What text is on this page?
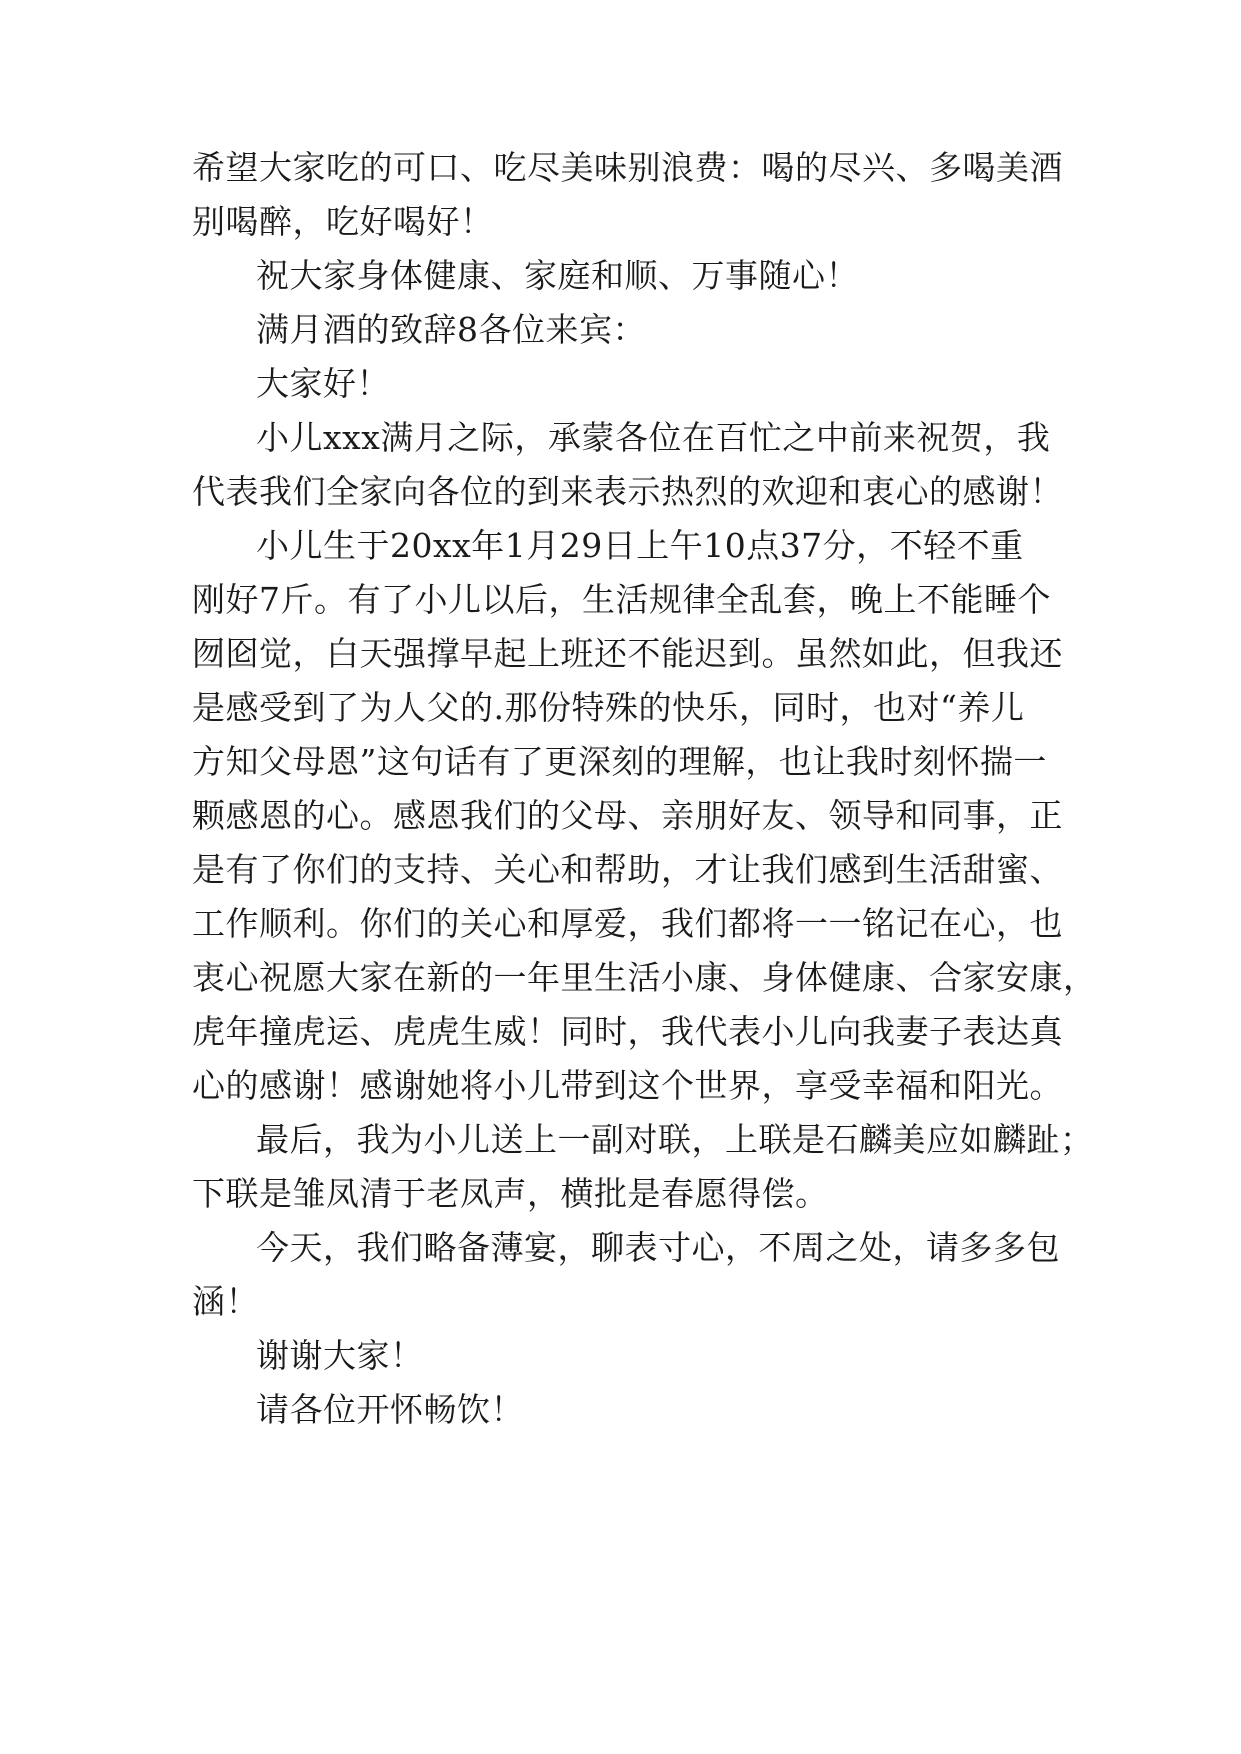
希望大家吃的可口、吃尽美味别浪费：喝的尽兴、多喝美酒
别喝醉，吃好喝好！
祝大家身体健康、家庭和顺、万事随心！
满月酒的致辞8各位来宾：
大家好！
小儿xxx满月之际，承蒙各位在百忙之中前来祝贺，我
代表我们全家向各位的到来表示热烈的欢迎和衷心的感谢！
小儿生于20xx年1月29日上午10点37分，不轻不重
刚好7斤。有了小儿以后，生活规律全乱套，晚上不能睡个
囫囵觉，白天强撑早起上班还不能迟到。虽然如此，但我还
是感受到了为人父的.那份特殊的快乐，同时，也对“养儿
方知父母恩”这句话有了更深刻的理解，也让我时刻怀揣一
颗感恩的心。感恩我们的父母、亲朋好友、领导和同事，正
是有了你们的支持、关心和帮助，才让我们感到生活甜蜜、
工作顺利。你们的关心和厚爱，我们都将一一铭记在心，也
衷心祝愿大家在新的一年里生活小康、身体健康、合家安康，
虎年撞虎运、虎虎生威！同时，我代表小儿向我妻子表达真
心的感谢！感谢她将小儿带到这个世界，享受幸福和阳光。
最后，我为小儿送上一副对联，上联是石麟美应如麟趾；
下联是雏凤清于老凤声，横批是春愿得偿。
今天，我们略备薄宴，聊表寸心，不周之处，请多多包
涵！
谢谢大家！
请各位开怀畅饮！
